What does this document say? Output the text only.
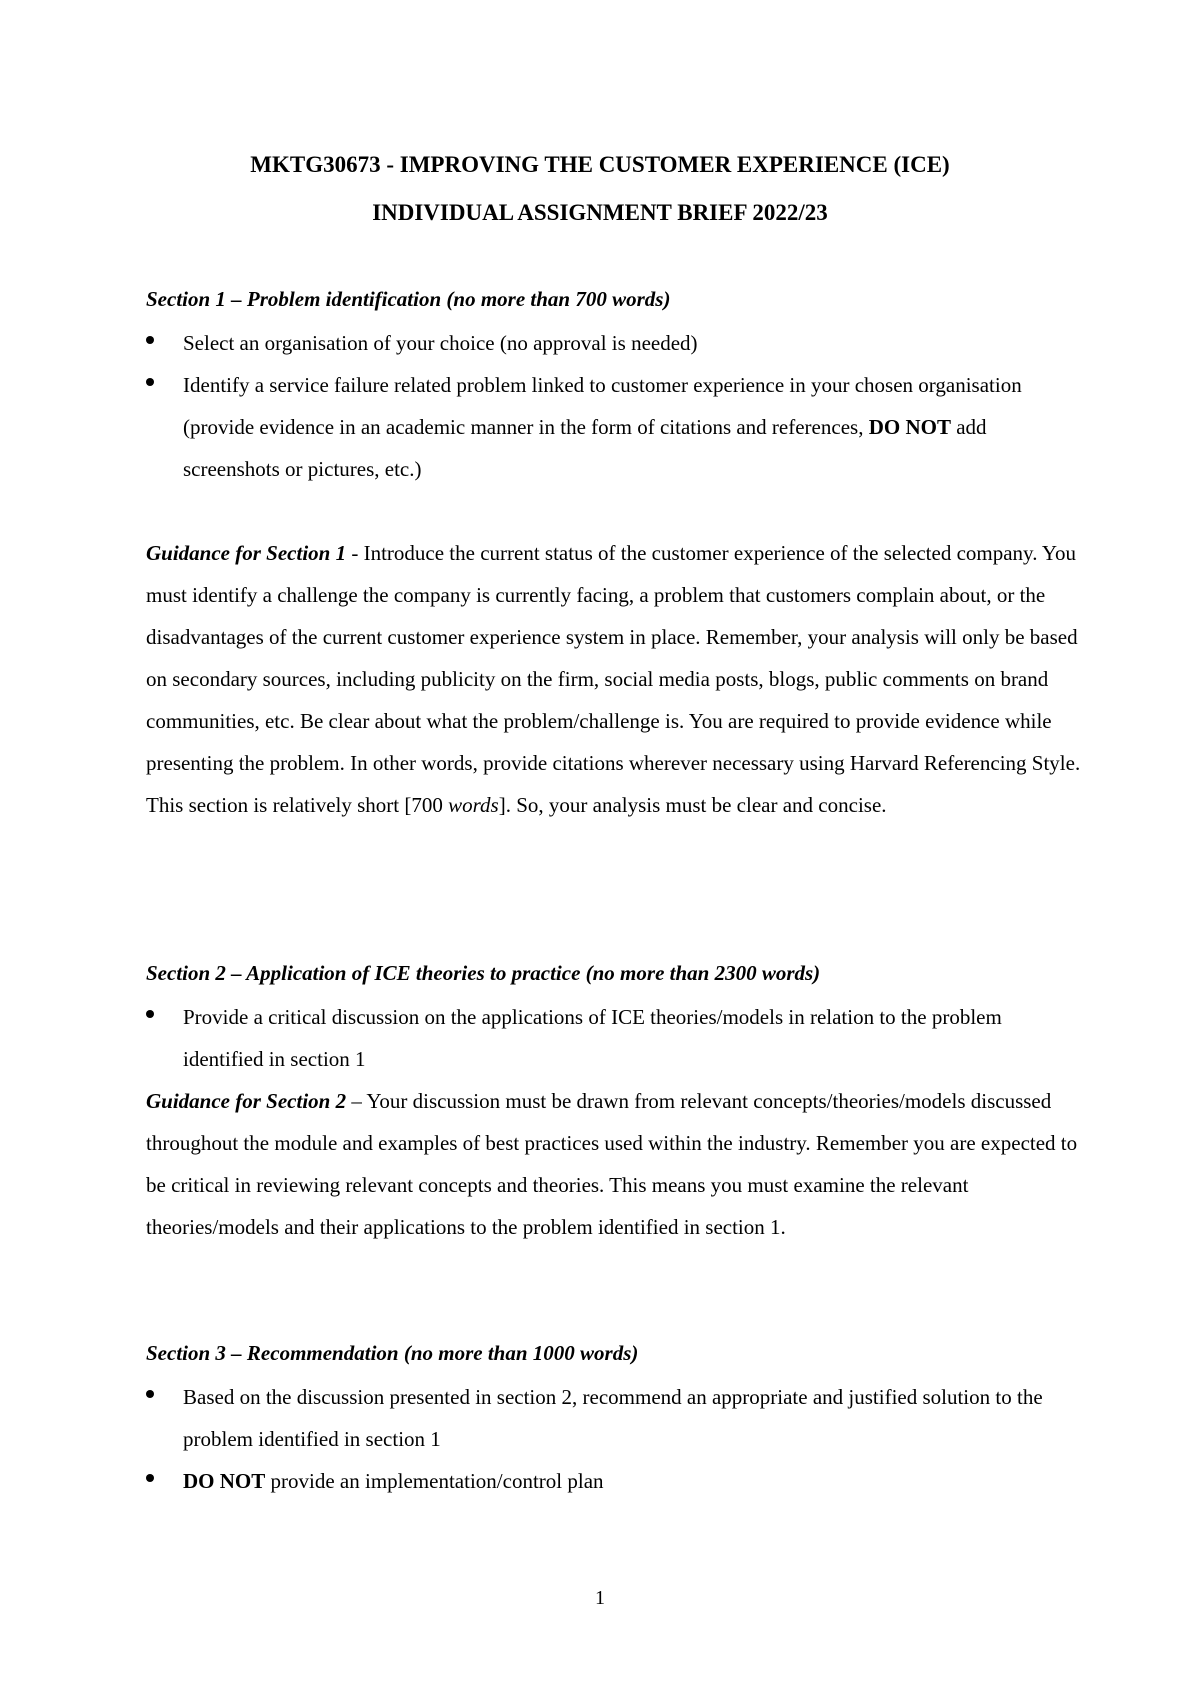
MKTG30673 - IMPROVING THE CUSTOMER EXPERIENCE (ICE)
INDIVIDUAL ASSIGNMENT BRIEF 2022/23
Section 1 – Problem identification (no more than 700 words)
Select an organisation of your choice (no approval is needed)
Identify a service failure related problem linked to customer experience in your chosen organisation (provide evidence in an academic manner in the form of citations and references, DO NOT add screenshots or pictures, etc.)
Guidance for Section 1 - Introduce the current status of the customer experience of the selected company. You must identify a challenge the company is currently facing, a problem that customers complain about, or the disadvantages of the current customer experience system in place. Remember, your analysis will only be based on secondary sources, including publicity on the firm, social media posts, blogs, public comments on brand communities, etc. Be clear about what the problem/challenge is. You are required to provide evidence while presenting the problem. In other words, provide citations wherever necessary using Harvard Referencing Style. This section is relatively short [700 words]. So, your analysis must be clear and concise.
Section 2 – Application of ICE theories to practice (no more than 2300 words)
Provide a critical discussion on the applications of ICE theories/models in relation to the problem identified in section 1
Guidance for Section 2 – Your discussion must be drawn from relevant concepts/theories/models discussed throughout the module and examples of best practices used within the industry. Remember you are expected to be critical in reviewing relevant concepts and theories. This means you must examine the relevant theories/models and their applications to the problem identified in section 1.
Section 3 – Recommendation (no more than 1000 words)
Based on the discussion presented in section 2, recommend an appropriate and justified solution to the problem identified in section 1
DO NOT provide an implementation/control plan
1
